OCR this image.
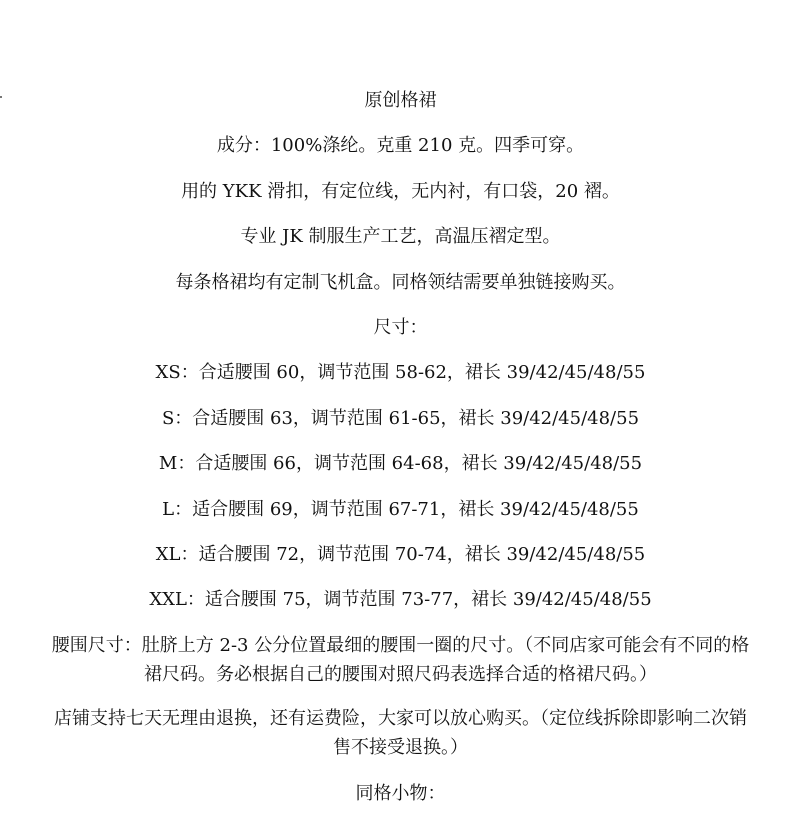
原创格裙

成分：100%涤纶。克重 210 克。四季可穿。

用的 YKK 滑扣，有定位线，无内衬，有口袋，20 褶。

专业 JK 制服生产工艺，高温压褶定型。

每条格裙均有定制飞机盒。同格领结需要单独链接购买。

尺寸：

XS：合适腰围 60，调节范围 58-62，裙长 39/42/45/48/55

S：合适腰围 63，调节范围 61-65，裙长 39/42/45/48/55

M：合适腰围 66，调节范围 64-68，裙长 39/42/45/48/55

L：适合腰围 69，调节范围 67-71，裙长 39/42/45/48/55

XL：适合腰围 72，调节范围 70-74，裙长 39/42/45/48/55

XXL：适合腰围 75，调节范围 73-77，裙长 39/42/45/48/55

腰围尺寸：肚脐上方 2-3 公分位置最细的腰围一圈的尺寸。（不同店家可能会有不同的格裙尺码。务必根据自己的腰围对照尺码表选择合适的格裙尺码。）

店铺支持七天无理由退换，还有运费险，大家可以放心购买。（定位线拆除即影响二次销售不接受退换。）

同格小物：
